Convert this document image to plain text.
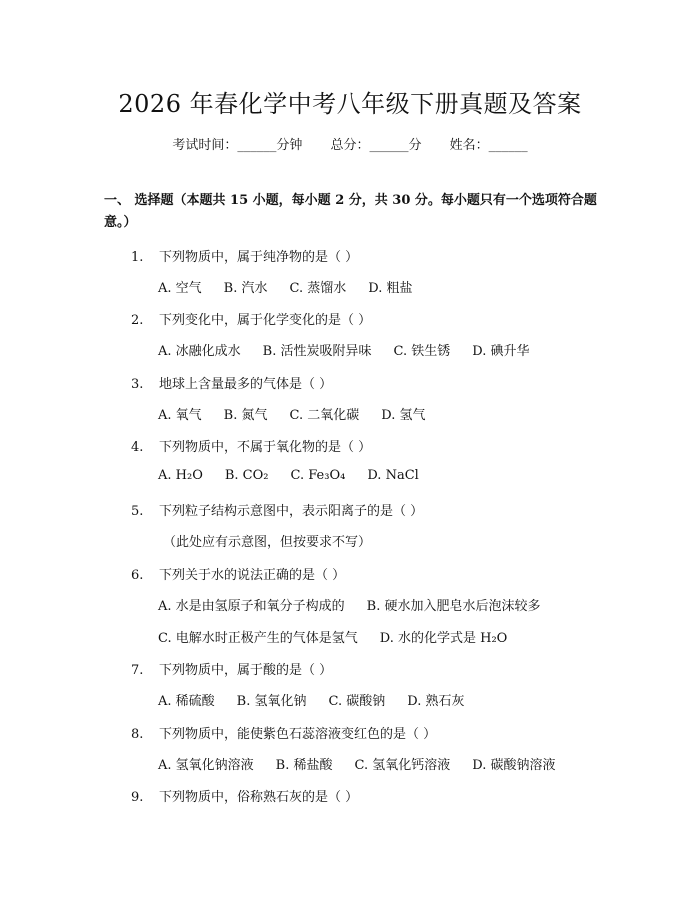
2026 年春化学中考八年级下册真题及答案
考试时间：______分钟 总分：______分 姓名：______
一、 选择题（本题共 15 小题，每小题 2 分，共 30 分。每小题只有一个选项符合题意。）
1. 下列物质中，属于纯净物的是（ ）
A. 空气 B. 汽水 C. 蒸馏水 D. 粗盐
2. 下列变化中，属于化学变化的是（ ）
A. 冰融化成水 B. 活性炭吸附异味 C. 铁生锈 D. 碘升华
3. 地球上含量最多的气体是（ ）
A. 氧气 B. 氮气 C. 二氧化碳 D. 氢气
4. 下列物质中，不属于氧化物的是（ ）
A. H₂O B. CO₂ C. Fe₃O₄ D. NaCl
5. 下列粒子结构示意图中，表示阳离子的是（ ）
（此处应有示意图，但按要求不写）
6. 下列关于水的说法正确的是（ ）
A. 水是由氢原子和氧分子构成的 B. 硬水加入肥皂水后泡沫较多
C. 电解水时正极产生的气体是氢气 D. 水的化学式是 H₂O
7. 下列物质中，属于酸的是（ ）
A. 稀硫酸 B. 氢氧化钠 C. 碳酸钠 D. 熟石灰
8. 下列物质中，能使紫色石蕊溶液变红色的是（ ）
A. 氢氧化钠溶液 B. 稀盐酸 C. 氢氧化钙溶液 D. 碳酸钠溶液
9. 下列物质中，俗称熟石灰的是（ ）
